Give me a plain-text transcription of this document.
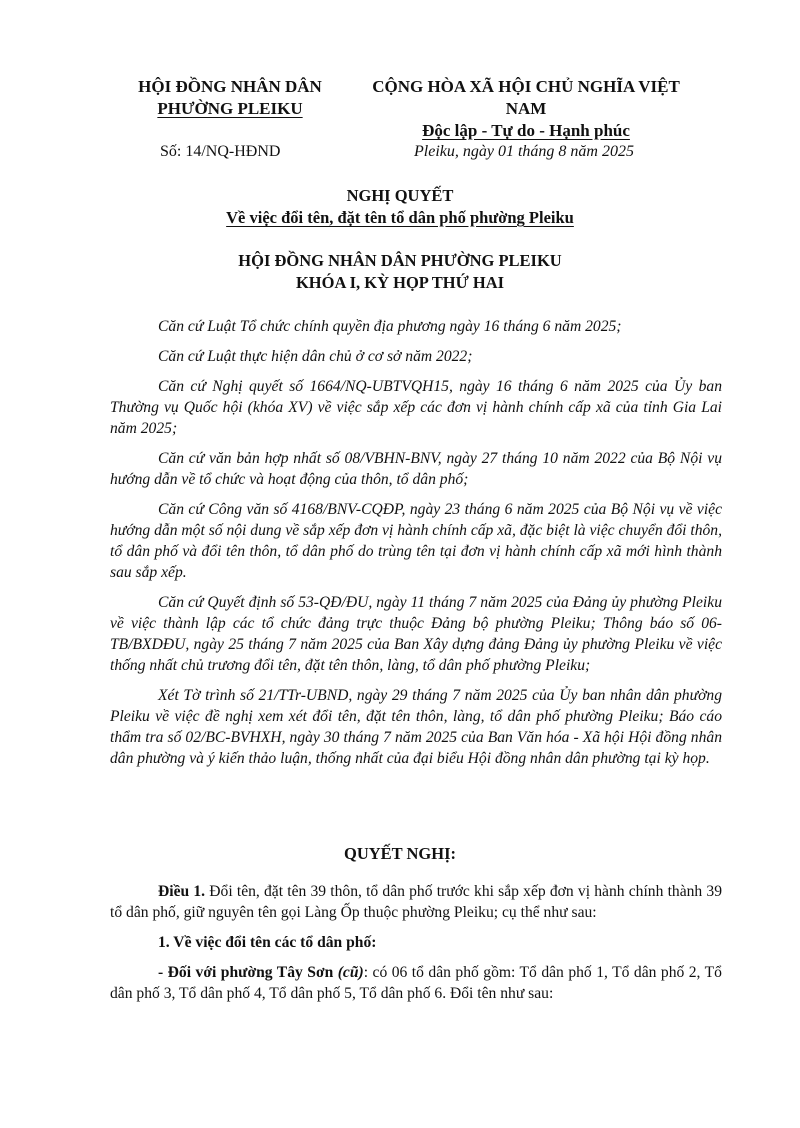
HỘI ĐỒNG NHÂN DÂN
PHƯỜNG PLEIKU
CỘNG HÒA XÃ HỘI CHỦ NGHĨA VIỆT NAM
Độc lập - Tự do - Hạnh phúc
Số: 14/NQ-HĐND	Pleiku, ngày 01 tháng 8 năm 2025
NGHỊ QUYẾT
Về việc đổi tên, đặt tên tổ dân phố phường Pleiku
HỘI ĐỒNG NHÂN DÂN PHƯỜNG PLEIKU
KHÓA I, KỲ HỌP THỨ HAI

Căn cứ Luật Tổ chức chính quyền địa phương ngày 16 tháng 6 năm 2025;

Căn cứ Luật thực hiện dân chủ ở cơ sở năm 2022;

Căn cứ Nghị quyết số 1664/NQ-UBTVQH15, ngày 16 tháng 6 năm 2025 của Ủy ban Thường vụ Quốc hội (khóa XV) về việc sắp xếp các đơn vị hành chính cấp xã của tỉnh Gia Lai năm 2025;

Căn cứ văn bản hợp nhất số 08/VBHN-BNV, ngày 27 tháng 10 năm 2022 của Bộ Nội vụ hướng dẫn về tổ chức và hoạt động của thôn, tổ dân phố;

Căn cứ Công văn số 4168/BNV-CQĐP, ngày 23 tháng 6 năm 2025 của Bộ Nội vụ về việc hướng dẫn một số nội dung về sắp xếp đơn vị hành chính cấp xã, đặc biệt là việc chuyển đổi thôn, tổ dân phố và đổi tên thôn, tổ dân phố do trùng tên tại đơn vị hành chính cấp xã mới hình thành sau sắp xếp.

Căn cứ Quyết định số 53-QĐ/ĐU, ngày 11 tháng 7 năm 2025 của Đảng ủy phường Pleiku về việc thành lập các tổ chức đảng trực thuộc Đảng bộ phường Pleiku; Thông báo số 06-TB/BXDĐU, ngày 25 tháng 7 năm 2025 của Ban Xây dựng đảng Đảng ủy phường Pleiku về việc thống nhất chủ trương đổi tên, đặt tên thôn, làng, tổ dân phố phường Pleiku;

Xét Tờ trình số 21/TTr-UBND, ngày 29 tháng 7 năm 2025 của Ủy ban nhân dân phường Pleiku về việc đề nghị xem xét đổi tên, đặt tên thôn, làng, tổ dân phố phường Pleiku; Báo cáo thẩm tra số 02/BC-BVHXH, ngày 30 tháng 7 năm 2025 của Ban Văn hóa - Xã hội Hội đồng nhân dân phường và ý kiến thảo luận, thống nhất của đại biểu Hội đồng nhân dân phường tại kỳ họp.

QUYẾT NGHỊ:

Điều 1. Đổi tên, đặt tên 39 thôn, tổ dân phố trước khi sắp xếp đơn vị hành chính thành 39 tổ dân phố, giữ nguyên tên gọi Làng Ốp thuộc phường Pleiku; cụ thể như sau:

1. Về việc đổi tên các tổ dân phố:

- Đối với phường Tây Sơn (cũ): có 06 tổ dân phố gồm: Tổ dân phố 1, Tổ dân phố 2, Tổ dân phố 3, Tổ dân phố 4, Tổ dân phố 5, Tổ dân phố 6. Đổi tên như sau:
